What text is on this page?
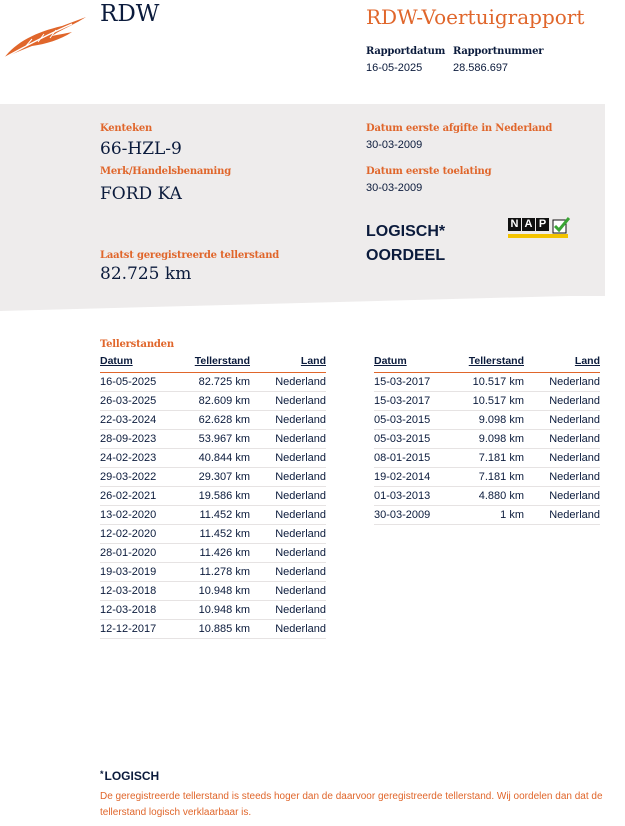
RDW	RDW-Voertuigrapport
Rapportdatum
16-05-2025
Rapportnummer
28.586.697
Kenteken
66-HZL-9
Merk/Handelsbenaming
FORD KA
Datum eerste afgifte in Nederland
30-03-2009
Datum eerste toelating
30-03-2009
LOGISCH*
OORDEEL
N A P
Laatst geregistreerde tellerstand
82.725 km
Tellerstanden
Datum	Tellerstand	Land
16-05-2025	82.725 km	Nederland
26-03-2025	82.609 km	Nederland
22-03-2024	62.628 km	Nederland
28-09-2023	53.967 km	Nederland
24-02-2023	40.844 km	Nederland
29-03-2022	29.307 km	Nederland
26-02-2021	19.586 km	Nederland
13-02-2020	11.452 km	Nederland
12-02-2020	11.452 km	Nederland
28-01-2020	11.426 km	Nederland
19-03-2019	11.278 km	Nederland
12-03-2018	10.948 km	Nederland
12-03-2018	10.948 km	Nederland
12-12-2017	10.885 km	Nederland
Datum	Tellerstand	Land
15-03-2017	10.517 km	Nederland
15-03-2017	10.517 km	Nederland
05-03-2015	9.098 km	Nederland
05-03-2015	9.098 km	Nederland
08-01-2015	7.181 km	Nederland
19-02-2014	7.181 km	Nederland
01-03-2013	4.880 km	Nederland
30-03-2009	1 km	Nederland
*LOGISCH
De geregistreerde tellerstand is steeds hoger dan de daarvoor geregistreerde tellerstand. Wij oordelen dan dat de tellerstand logisch verklaarbaar is.
